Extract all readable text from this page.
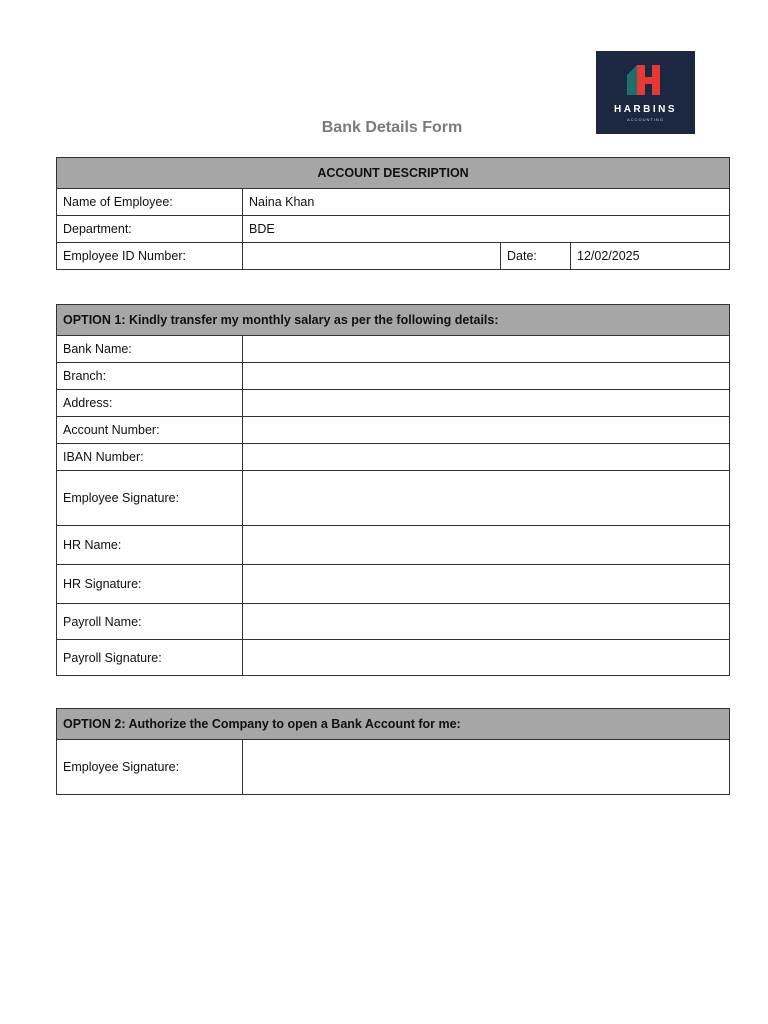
HARBINS
ACCOUNTING
Bank Details Form
ACCOUNT DESCRIPTION			
Name of Employee:	Naina Khan		
Department:	BDE		
Employee ID Number:		Date:	12/02/2025
OPTION 1: Kindly transfer my monthly salary as per the following details:	
Bank Name:	
Branch:	
Address:	
Account Number:	
IBAN Number:	
Employee Signature:	
HR Name:	
HR Signature:	
Payroll Name:	
Payroll Signature:	
OPTION 2: Authorize the Company to open a Bank Account for me:
Employee Signature:	
